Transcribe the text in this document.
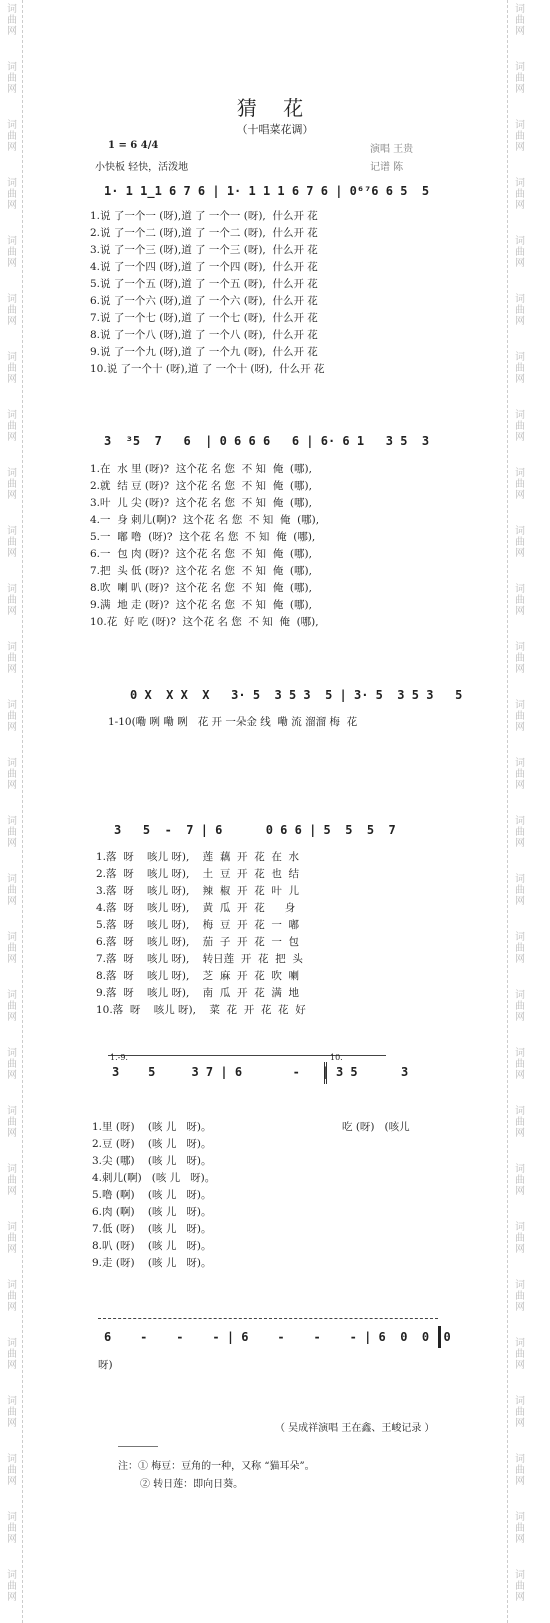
词
曲
网
词
曲
网
词
曲
网
词
曲
网
词
曲
网
词
曲
网
词
曲
网
词
曲
网
词
曲
网
词
曲
网
词
曲
网
词
曲
网
词
曲
网
词
曲
网
词
曲
网
词
曲
网
词
曲
网
词
曲
网
词
曲
网
词
曲
网
词
曲
网
词
曲
网
词
曲
网
词
曲
网
词
曲
网
词
曲
网
词
曲
网
词
曲
网
词
曲
网
词
曲
网
词
曲
网
词
曲
网
词
曲
网
词
曲
网
词
曲
网
词
曲
网
词
曲
网
词
曲
网
词
曲
网
词
曲
网
词
曲
网
词
曲
网
词
曲
网
词
曲
网
词
曲
网
词
曲
网
词
曲
网
词
曲
网
词
曲
网
词
曲
网
词
曲
网
词
曲
网
词
曲
网
词
曲
网
词
曲
网
词
曲
网
猜 花
（十唱菜花调）
1 = 6 4/4
小快板 轻快，活泼地
演唱 王贵
记谱 陈
1· 1 1_1 6 7 6 | 1· 1 1 1 6 7 6 | 0⁶⁷6 6 5  5
1.说 了一个一 (呀),道 了 一个一 (呀),  什么开 花
2.说 了一个二 (呀),道 了 一个二 (呀),  什么开 花
3.说 了一个三 (呀),道 了 一个三 (呀),  什么开 花
4.说 了一个四 (呀),道 了 一个四 (呀),  什么开 花
5.说 了一个五 (呀),道 了 一个五 (呀),  什么开 花
6.说 了一个六 (呀),道 了 一个六 (呀),  什么开 花
7.说 了一个七 (呀),道 了 一个七 (呀),  什么开 花
8.说 了一个八 (呀),道 了 一个八 (呀),  什么开 花
9.说 了一个九 (呀),道 了 一个九 (呀),  什么开 花
10.说 了一个十 (呀),道 了 一个十 (呀),  什么开 花
3  ³5  7   6  | 0 6 6 6   6 | 6· 6 1   3 5  3
1.在  水 里 (呀)?  这个花 名 您  不 知  俺  (哪),
2.就  结 豆 (呀)?  这个花 名 您  不 知  俺  (哪),
3.叶  儿 尖 (呀)?  这个花 名 您  不 知  俺  (哪),
4.一  身 刺儿(啊)?  这个花 名 您  不 知  俺  (哪),
5.一  嘟 噜  (呀)?  这个花 名 您  不 知  俺  (哪),
6.一  包 肉 (呀)?  这个花 名 您  不 知  俺  (哪),
7.把  头 低 (呀)?  这个花 名 您  不 知  俺  (哪),
8.吹  喇 叭 (呀)?  这个花 名 您  不 知  俺  (哪),
9.满  地 走 (呀)?  这个花 名 您  不 知  俺  (哪),
10.花  好 吃 (呀)?  这个花 名 您  不 知  俺  (哪),
0 X  X X  X   3· 5  3 5 3  5 | 3· 5  3 5 3   5
1-10(嘞 咧 嘞 咧   花 开 一朵金 线  嘞 流 溜溜 梅  花
3   5  -  7 | 6      0 6 6 | 5  5  5  7
1.落  呀    咳儿 呀),    莲  藕  开  花  在  水
2.落  呀    咳儿 呀),    土  豆  开  花  也  结
3.落  呀    咳儿 呀),    辣  椒  开  花  叶  儿
4.落  呀    咳儿 呀),    黄  瓜  开  花      身
5.落  呀    咳儿 呀),    梅  豆  开  花  一  嘟
6.落  呀    咳儿 呀),    茄  子  开  花  一  包
7.落  呀    咳儿 呀),    转日莲  开  花  把  头
8.落  呀    咳儿 呀),    芝  麻  开  花  吹  喇
9.落  呀    咳儿 呀),    南  瓜  开  花  满  地
10.落  呀    咳儿 呀),    菜  花  开  花  花  好
1.-9.	10.
3    5     3 7 | 6       -   | 3 5      3
1.里 (呀)    (咳 儿   呀)。
2.豆 (呀)    (咳 儿   呀)。
3.尖 (哪)    (咳 儿   呀)。
4.刺儿(啊)   (咳 儿   呀)。
5.噜 (啊)    (咳 儿   呀)。
6.肉 (啊)    (咳 儿   呀)。
7.低 (呀)    (咳 儿   呀)。
8.叭 (呀)    (咳 儿   呀)。
9.走 (呀)    (咳 儿   呀)。
吃 (呀)   (咳儿
6    -    -    - | 6    -    -    - | 6  0  0  0
呀)
（ 吴成祥演唱 王在鑫、王峻记录 ）
注：① 梅豆：豆角的一种，又称 “猫耳朵”。
② 转日莲：即向日葵。
